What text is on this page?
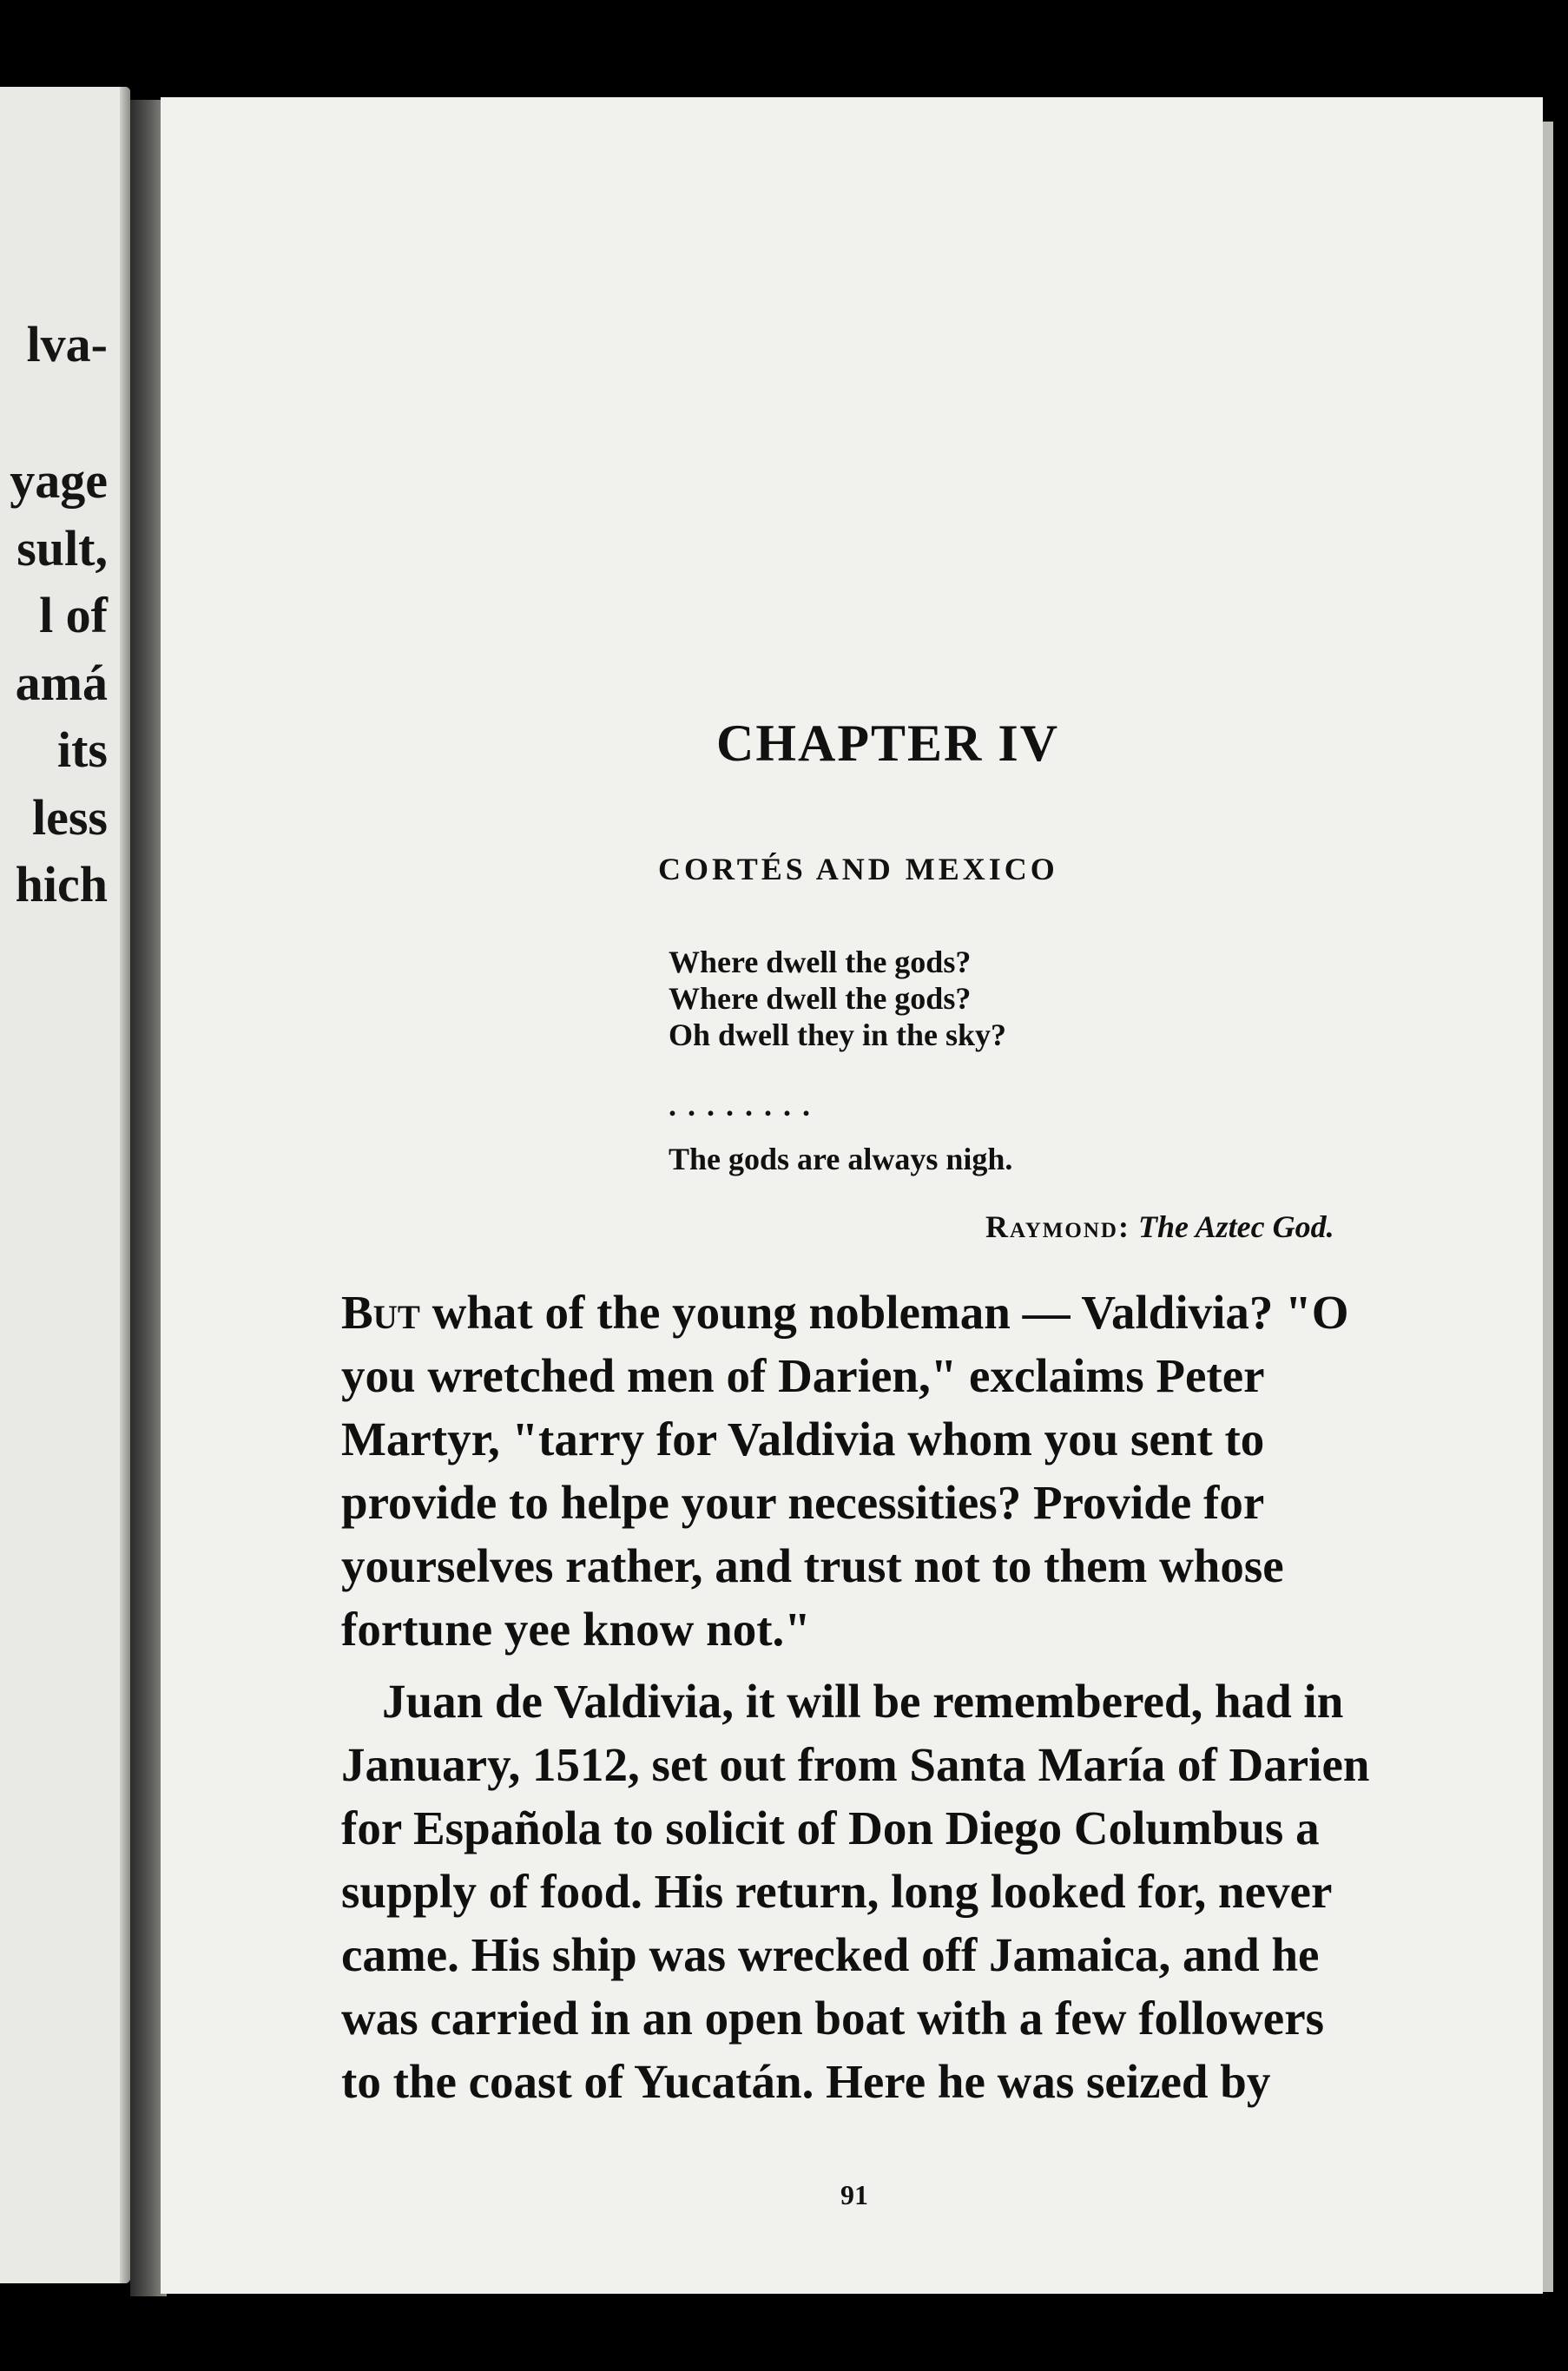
lva-
yage
sult,
l of
amá
its
less
hich
CHAPTER IV
CORTÉS AND MEXICO
Where dwell the gods?
Where dwell the gods?
Oh dwell they in the sky?
. . . . . . . .
The gods are always nigh.
Raymond: The Aztec God.
But what of the young nobleman — Valdivia? "O
you wretched men of Darien," exclaims Peter
Martyr, "tarry for Valdivia whom you sent to
provide to helpe your necessities? Provide for
yourselves rather, and trust not to them whose
fortune yee know not."
Juan de Valdivia, it will be remembered, had in
January, 1512, set out from Santa María of Darien
for Española to solicit of Don Diego Columbus a
supply of food. His return, long looked for, never
came. His ship was wrecked off Jamaica, and he
was carried in an open boat with a few followers
to the coast of Yucatán. Here he was seized by
91
